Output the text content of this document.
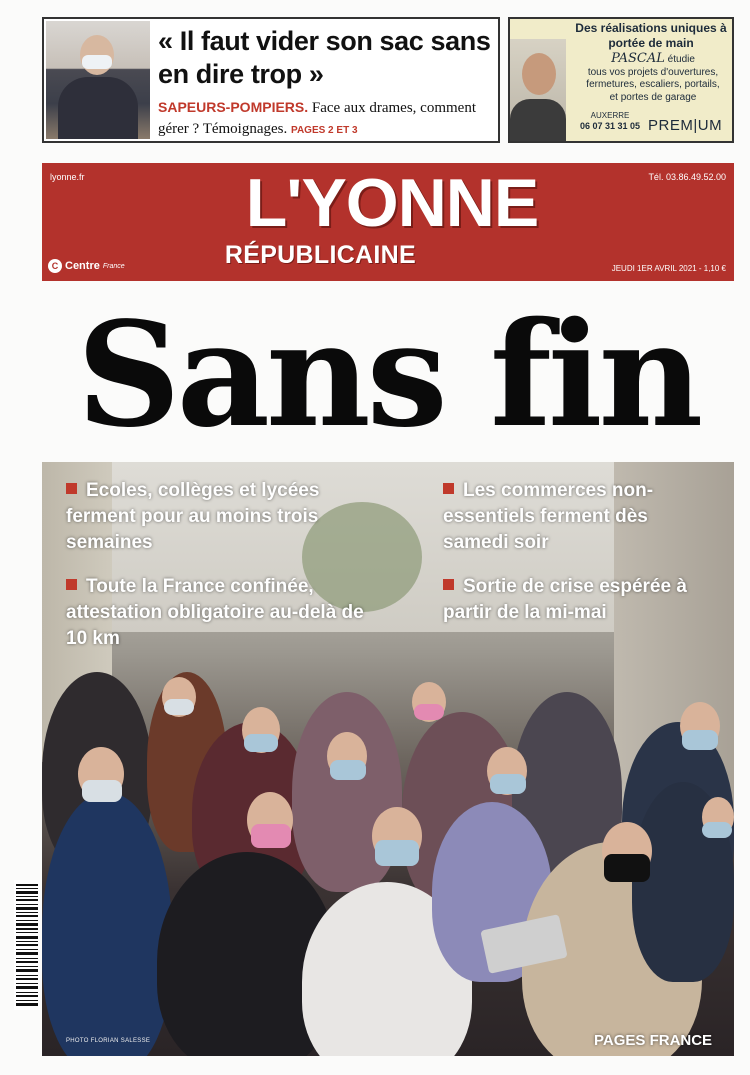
« Il faut vider son sac sans en dire trop »
SAPEURS-POMPIERS. Face aux drames, comment gérer ? Témoignages. PAGES 2 ET 3
Des réalisations uniques à portée de main
PASCAL étudie
tous vos projets d'ouvertures,
fermetures, escaliers, portails,
et portes de garage
AUXERRE
06 07 31 31 05 PREM|UM
lyonne.fr	Tél. 03.86.49.52.00
L'YONNE
RÉPUBLICAINE
C Centre France	JEUDI 1ER AVRIL 2021 - 1,10 €
Sans fin
Ecoles, collèges et lycées ferment pour au moins trois semaines
Les commerces non-essentiels ferment dès samedi soir
Toute la France confinée, attestation obligatoire au-delà de 10 km
Sortie de crise espérée à partir de la mi-mai
PHOTO FLORIAN SALESSE	PAGES FRANCE
